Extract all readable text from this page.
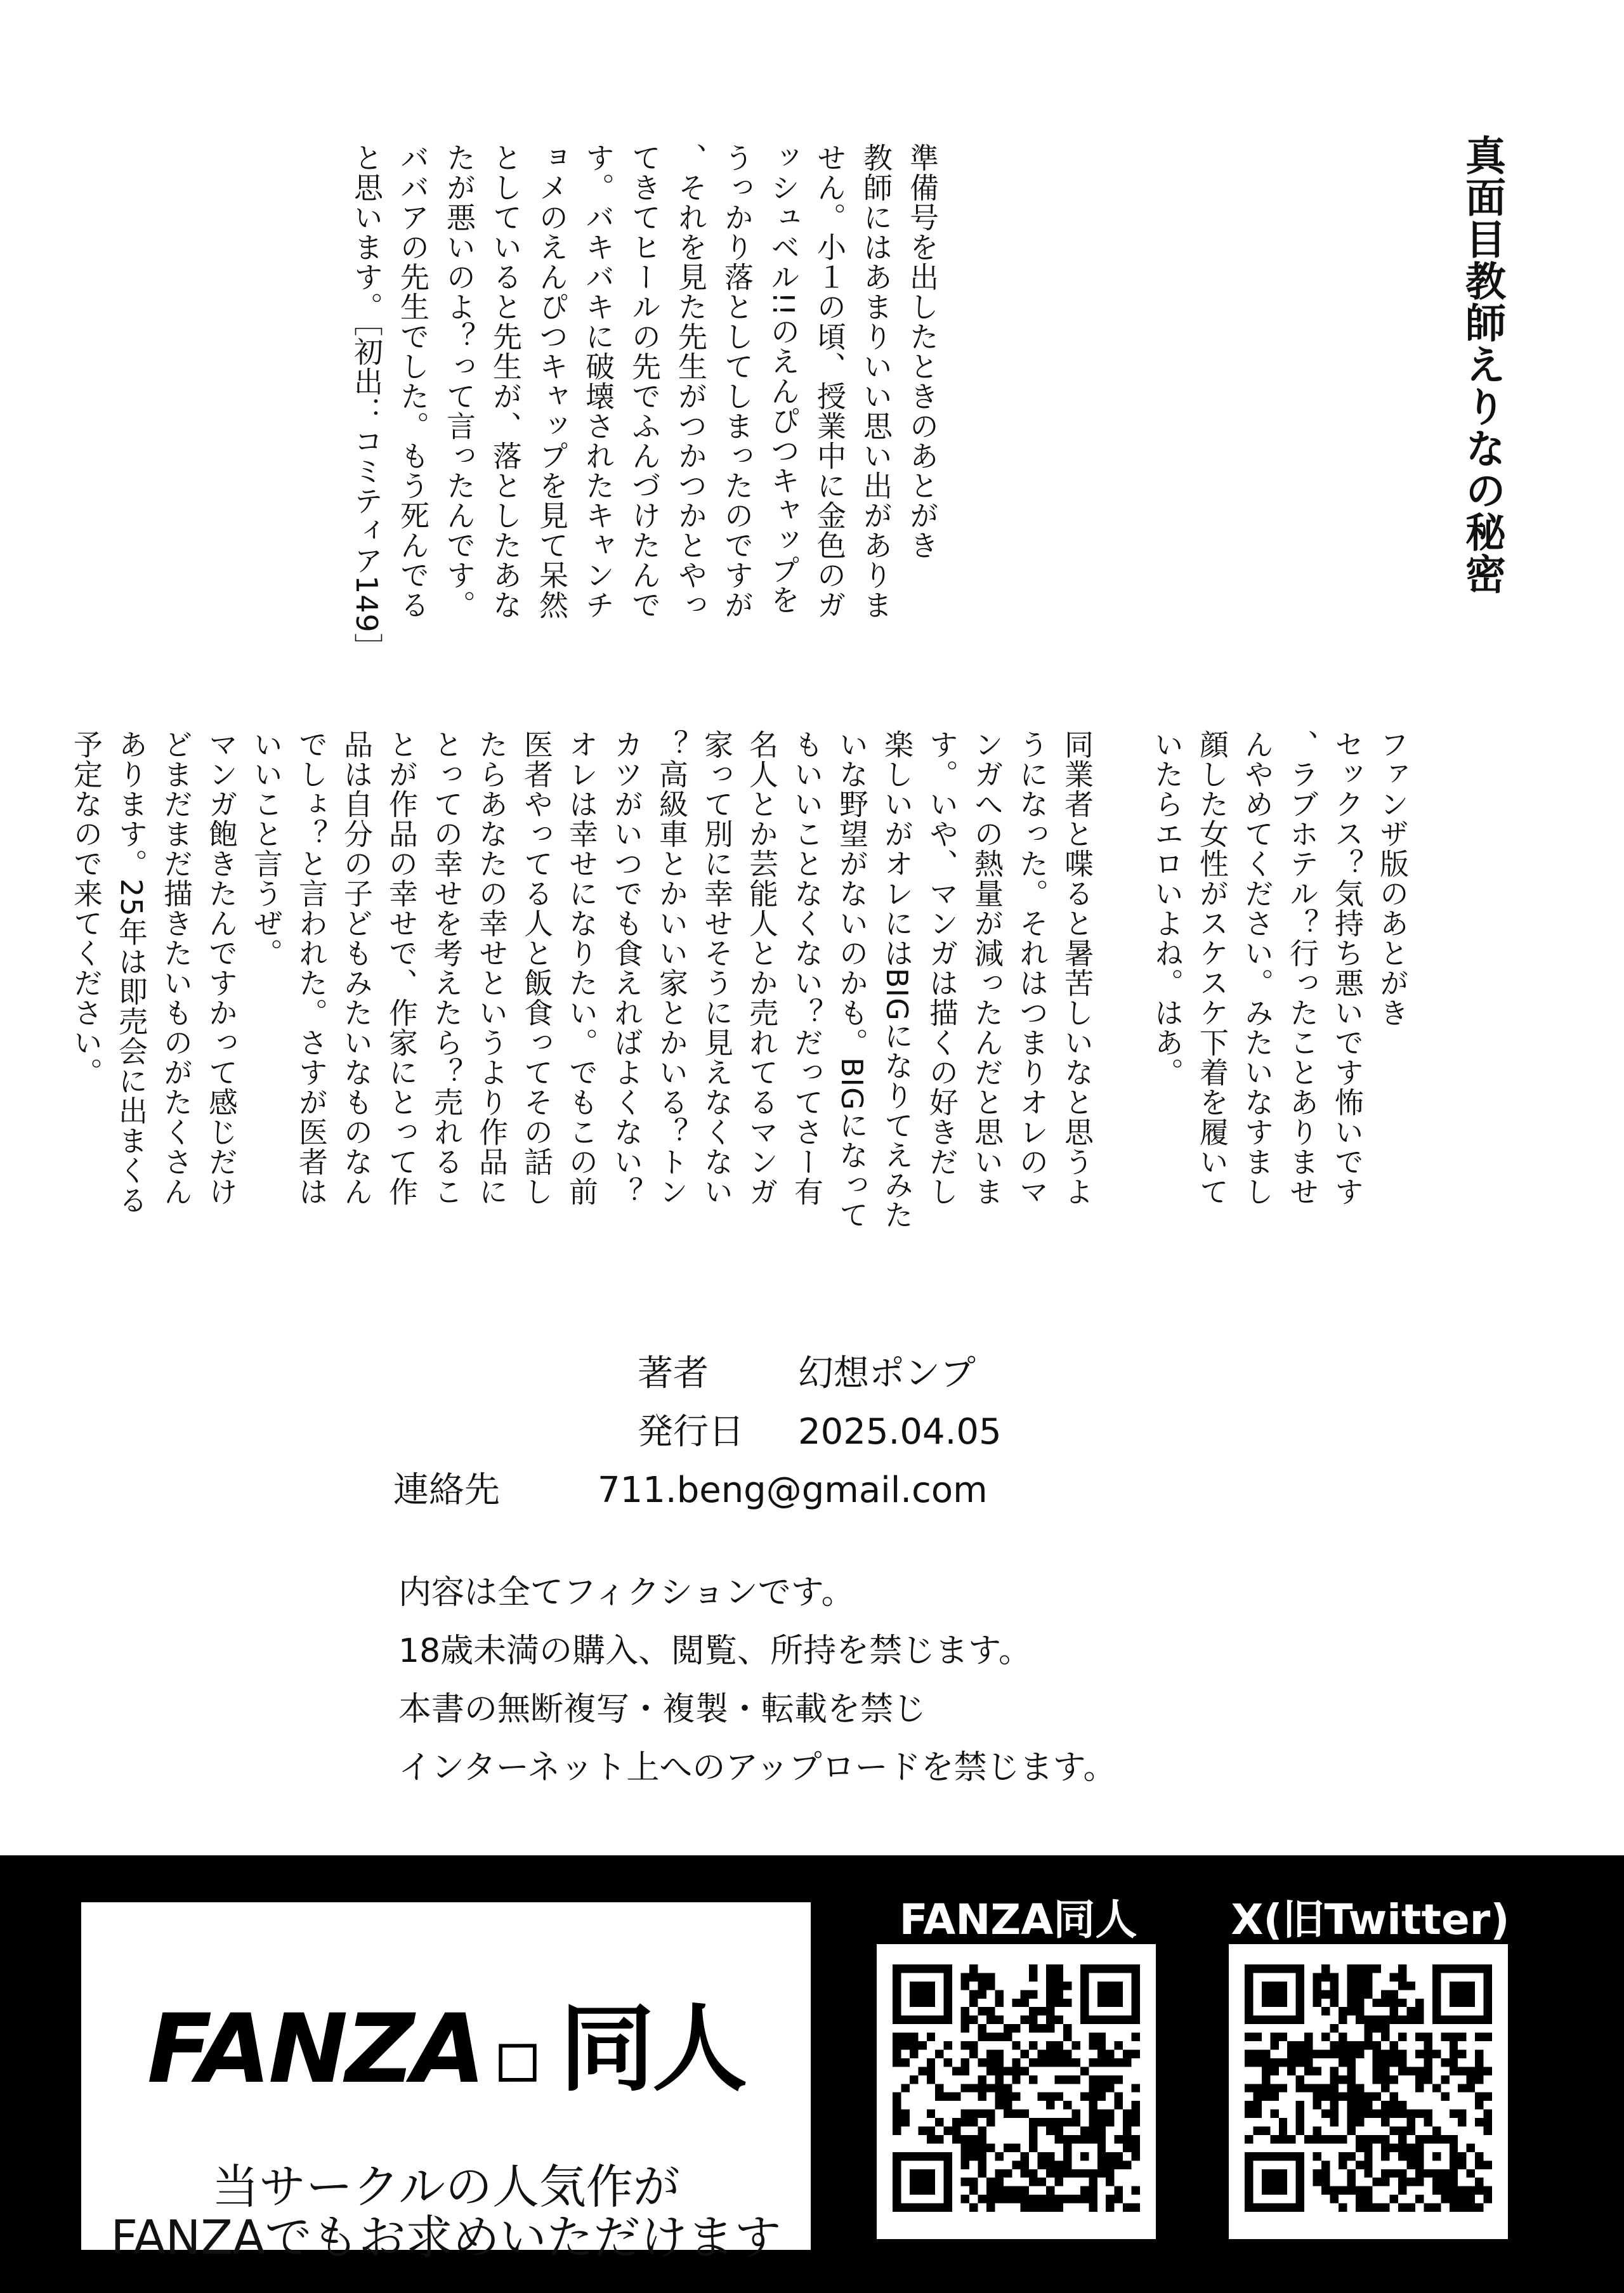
真面目教師えりなの秘密
準備号を出したときのあとがき
教師にはあまりいい思い出がありま
せん。小１の頃、授業中に金色のガ
ッシュベル!!のえんぴつキャップを
うっかり落としてしまったのですが
、それを見た先生がつかつかとやっ
てきてヒールの先でふんづけたんで
す。バキバキに破壊されたキャンチ
ョメのえんぴつキャップを見て呆然
としていると先生が、落としたあな
たが悪いのよ？って言ったんです。
ババアの先生でした。もう死んでる
と思います。［初出：コミティア149］
ファンザ版のあとがき
セックス？気持ち悪いです怖いです
、ラブホテル？行ったことありませ
んやめてください。みたいなすまし
顔した女性がスケスケ下着を履いて
いたらエロいよね。はあ。
同業者と喋ると暑苦しいなと思うよ
うになった。それはつまりオレのマ
ンガへの熱量が減ったんだと思いま
す。いや、マンガは描くの好きだし
楽しいがオレにはBIGになりてえみた
いな野望がないのかも。BIGになって
もいいことなくない？だってさー有
名人とか芸能人とか売れてるマンガ
家って別に幸せそうに見えなくない
？高級車とかいい家とかいる？トン
カツがいつでも食えればよくない？
オレは幸せになりたい。でもこの前
医者やってる人と飯食ってその話し
たらあなたの幸せというより作品に
とっての幸せを考えたら？売れるこ
とが作品の幸せで、作家にとって作
品は自分の子どもみたいなものなん
でしょ？と言われた。さすが医者は
いいこと言うぜ。
マンガ飽きたんですかって感じだけ
どまだまだ描きたいものがたくさん
あります。25年は即売会に出まくる
予定なので来てください。
著者	幻想ポンプ
発行日 2025.04.05
連絡先	711.beng@gmail.com
内容は全てフィクションです。
18歳未満の購入、閲覧、所持を禁じます。
本書の無断複写・複製・転載を禁じ
インターネット上へのアップロードを禁じます。
FANZA◇同人
当サークルの人気作が
FANZAでもお求めいただけます
FANZA同人	X(旧Twitter)
